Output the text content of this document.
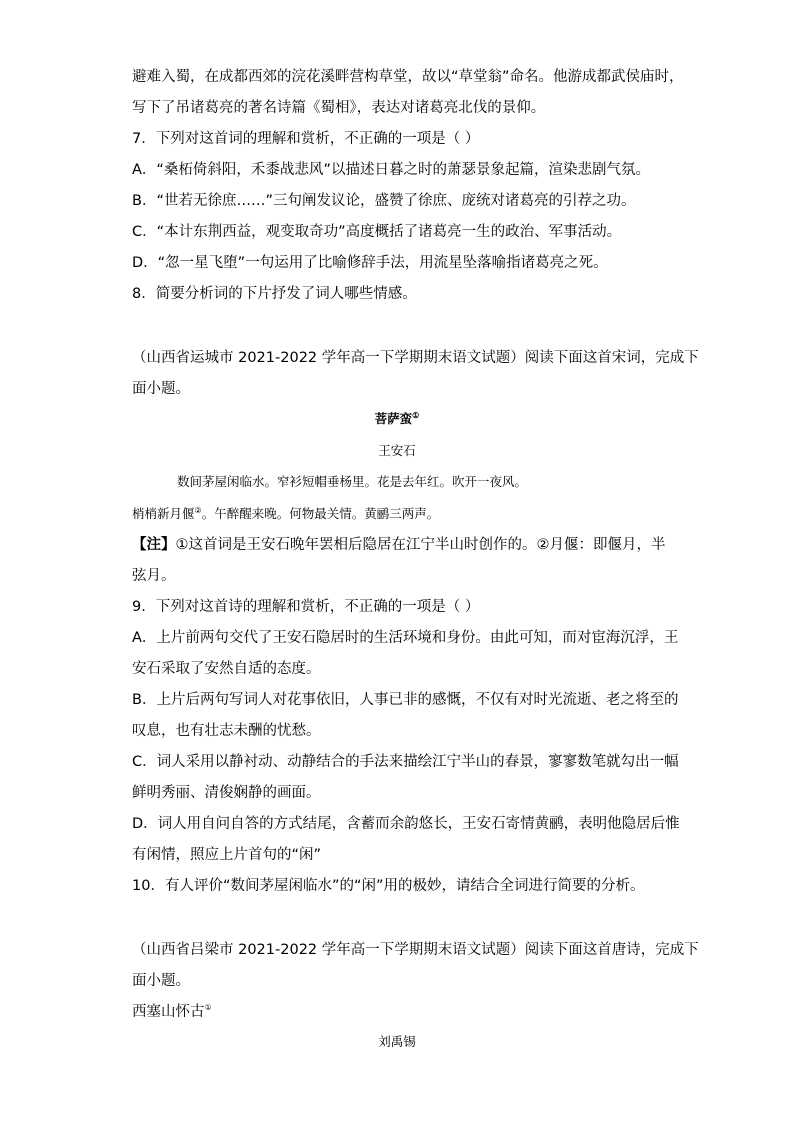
避难入蜀，在成都西郊的浣花溪畔营构草堂，故以“草堂翁”命名。他游成都武侯庙时，
写下了吊诸葛亮的著名诗篇《蜀相》，表达对诸葛亮北伐的景仰。
7．下列对这首词的理解和赏析，不正确的一项是（ ）
A．“桑柘倚斜阳，禾黍战悲风”以描述日暮之时的萧瑟景象起篇，渲染悲剧气氛。
B．“世若无徐庶……”三句阐发议论，盛赞了徐庶、庞统对诸葛亮的引荐之功。
C．“本计东荆西益，观变取奇功”高度概括了诸葛亮一生的政治、军事活动。
D．“忽一星飞堕”一句运用了比喻修辞手法，用流星坠落喻指诸葛亮之死。
8．简要分析词的下片抒发了词人哪些情感。
（山西省运城市 2021-2022 学年高一下学期期末语文试题）阅读下面这首宋词，完成下
面小题。
菩萨蛮①
王安石
数间茅屋闲临水。窄衫短帽垂杨里。花是去年红。吹开一夜风。
梢梢新月偃②。午醉醒来晚。何物最关情。黄鹂三两声。
【注】①这首词是王安石晚年罢相后隐居在江宁半山时创作的。②月偃：即偃月，半
弦月。
9．下列对这首诗的理解和赏析，不正确的一项是（ ）
A．上片前两句交代了王安石隐居时的生活环境和身份。由此可知，而对宦海沉浮，王
安石采取了安然自适的态度。
B．上片后两句写词人对花事依旧，人事已非的感慨，不仅有对时光流逝、老之将至的
叹息，也有壮志未酬的忧愁。
C．词人采用以静衬动、动静结合的手法来描绘江宁半山的春景，寥寥数笔就勾出一幅
鲜明秀丽、清俊娴静的画面。
D．词人用自问自答的方式结尾，含蓄而余韵悠长，王安石寄情黄鹂，表明他隐居后惟
有闲情，照应上片首句的“闲”
10．有人评价“数间茅屋闲临水”的“闲”用的极妙，请结合全词进行简要的分析。
（山西省吕梁市 2021-2022 学年高一下学期期末语文试题）阅读下面这首唐诗，完成下
面小题。
西塞山怀古①
刘禹锡
